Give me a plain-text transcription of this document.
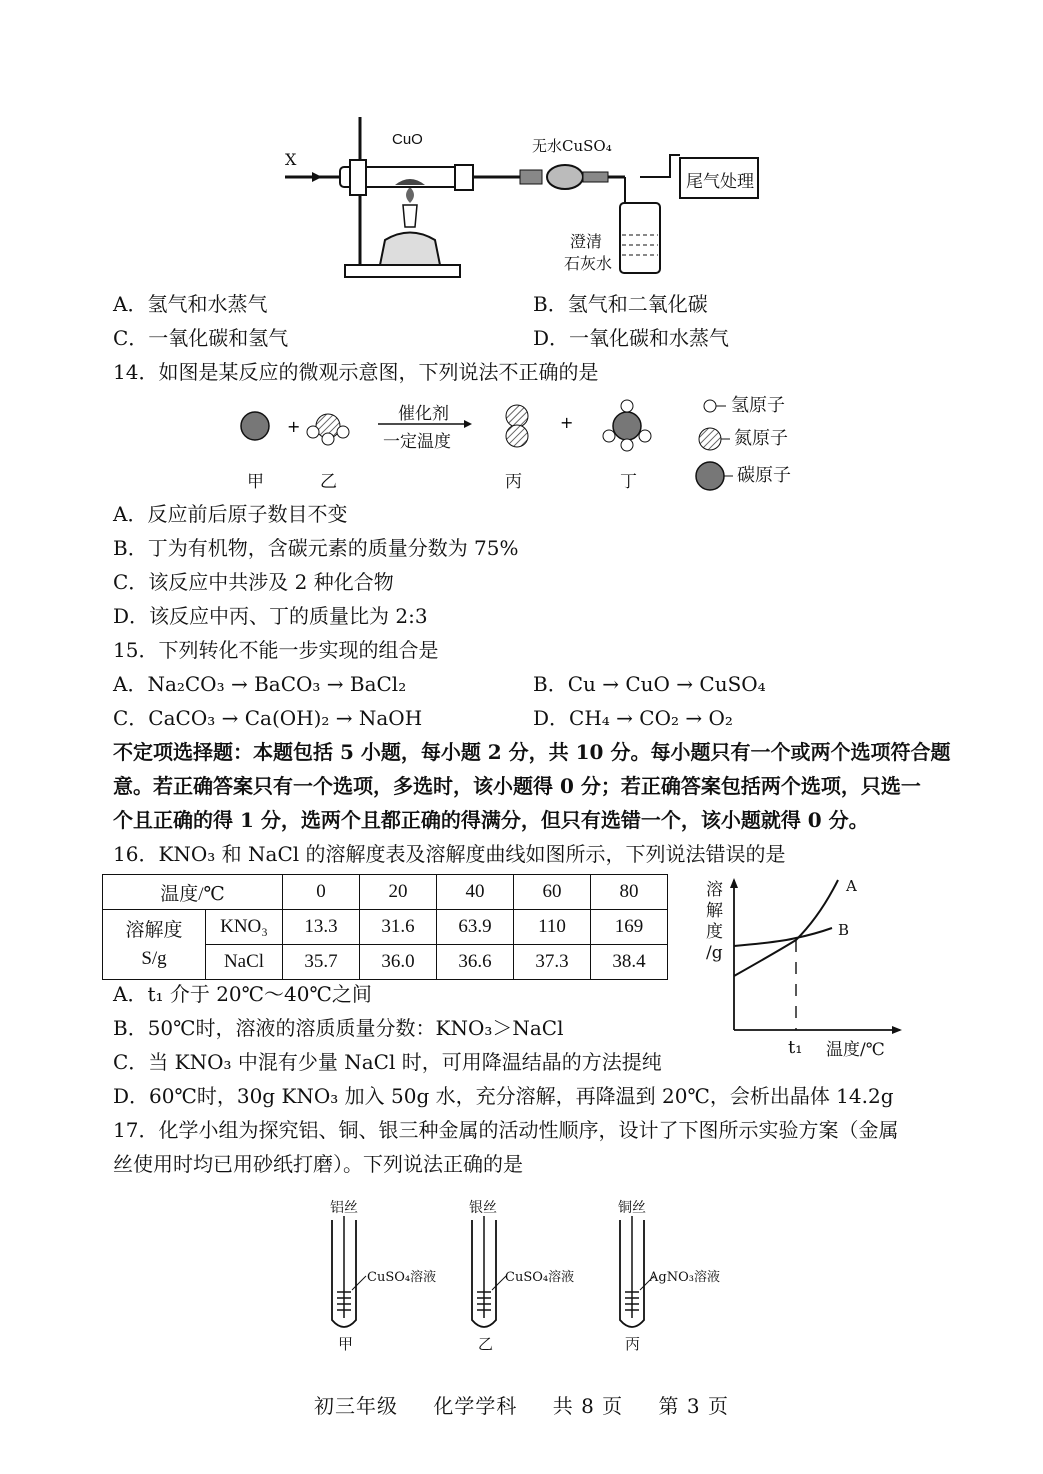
X
CuO	无水CuSO₄
尾气处理
澄清
石灰水
A．氢气和水蒸气	B．氢气和二氧化碳
C．一氧化碳和氢气	D．一氧化碳和水蒸气
14．如图是某反应的微观示意图，下列说法不正确的是
+	+
催化剂
一定温度
甲	乙	丙	丁
氢原子
氮原子
碳原子
A．反应前后原子数目不变
B．丁为有机物，含碳元素的质量分数为 75%
C．该反应中共涉及 2 种化合物
D．该反应中丙、丁的质量比为 2:3
15．下列转化不能一步实现的组合是
A．Na₂CO₃ → BaCO₃ → BaCl₂	B．Cu → CuO → CuSO₄
C．CaCO₃ → Ca(OH)₂ → NaOH	D．CH₄ → CO₂ → O₂
不定项选择题：本题包括 5 小题，每小题 2 分，共 10 分。每小题只有一个或两个选项符合题
意。若正确答案只有一个选项，多选时，该小题得 0 分；若正确答案包括两个选项，只选一
个且正确的得 1 分，选两个且都正确的得满分，但只有选错一个，该小题就得 0 分。
16．KNO₃ 和 NaCl 的溶解度表及溶解度曲线如图所示，下列说法错误的是
温度/℃		0	20	40	60	80

溶解度
S/g	KNO₃	13.3	31.6	63.9	110	169
	NaCl	35.7	36.0	36.6	37.3	38.4
溶
解
度
/g
A
B
t₁ 温度/℃
A．t₁ 介于 20℃～40℃之间
B．50℃时，溶液的溶质质量分数：KNO₃＞NaCl
C．当 KNO₃ 中混有少量 NaCl 时，可用降温结晶的方法提纯
D．60℃时，30g KNO₃ 加入 50g 水，充分溶解，再降温到 20℃，会析出晶体 14.2g
17．化学小组为探究铝、铜、银三种金属的活动性顺序，设计了下图所示实验方案（金属
丝使用时均已用砂纸打磨）。下列说法正确的是
铝丝
CuSO₄溶液
甲
银丝
CuSO₄溶液
乙
铜丝
AgNO₃溶液
丙
初三年级 化学学科 共 8 页 第 3 页
